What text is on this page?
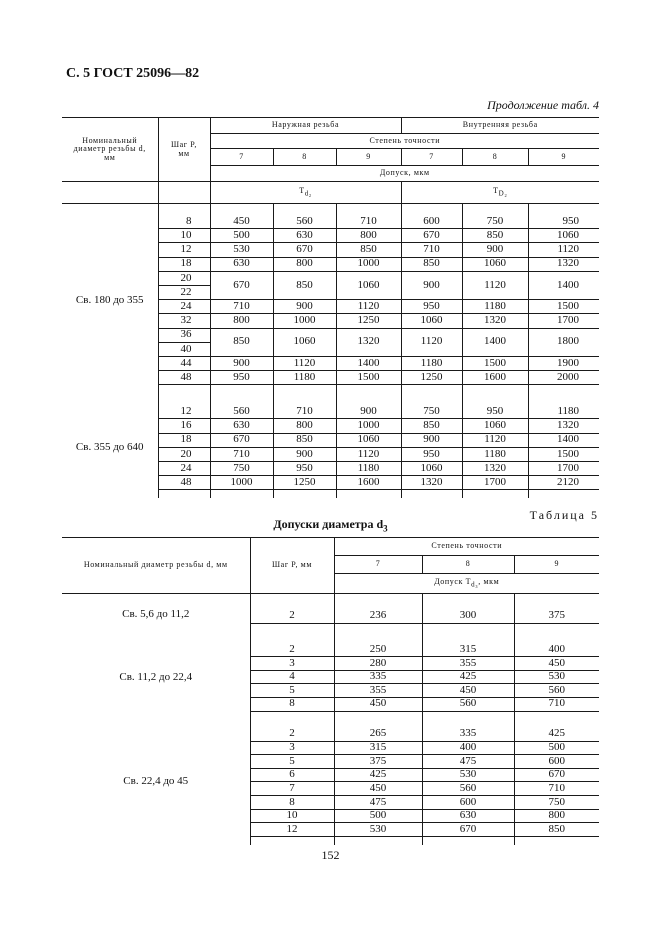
С. 5 ГОСТ 25096—82
Продолжение табл. 4
Номинальный диаметр резьбы d, мм	Шаг P, мм	Наружная резьба			Внутренняя резьба		
		Степень точности					
		7	8	9	7	8	9
		Допуск, мкм					
		$T_{d_2}$			$T_{D_2}$
Св. 180 до 355							
	8	450	560	710	600	750	950
	10	500	630	800	670	850	1060
	12	530	670	850	710	900	1120
	18	630	800	1000	850	1060	1320
	20	670	850	1060	900	1120	1400
	22						
	24	710	900	1120	950	1180	1500
	32	800	1000	1250	1060	1320	1700
	36	850	1060	1320	1120	1400	1800
	40						
	44	900	1120	1400	1180	1500	1900
	48	950	1180	1500	1250	1600	2000

Св. 355 до 640							
	12	560	710	900	750	950	1180
	16	630	800	1000	850	1060	1320
	18	670	850	1060	900	1120	1400
	20	710	900	1120	950	1180	1500
	24	750	950	1180	1060	1320	1700
	48	1000	1250	1600	1320	1700	2120

Таблица 5
Допуски диаметра $d_3$
Номинальный диаметр резьбы d, мм	Шаг P, мм	Степень точности		
		7	8	9
		Допуск $T_{d_3}$, мкм		
Св. 5,6 до 11,2				
	2	236	300	375

Св. 11,2 до 22,4				
	2	250	315	400
	3	280	355	450
	4	335	425	530
	5	355	450	560
	8	450	560	710

Св. 22,4 до 45				
	2	265	335	425
	3	315	400	500
	5	375	475	600
	6	425	530	670
	7	450	560	710
	8	475	600	750
	10	500	630	800
	12	530	670	850

152
